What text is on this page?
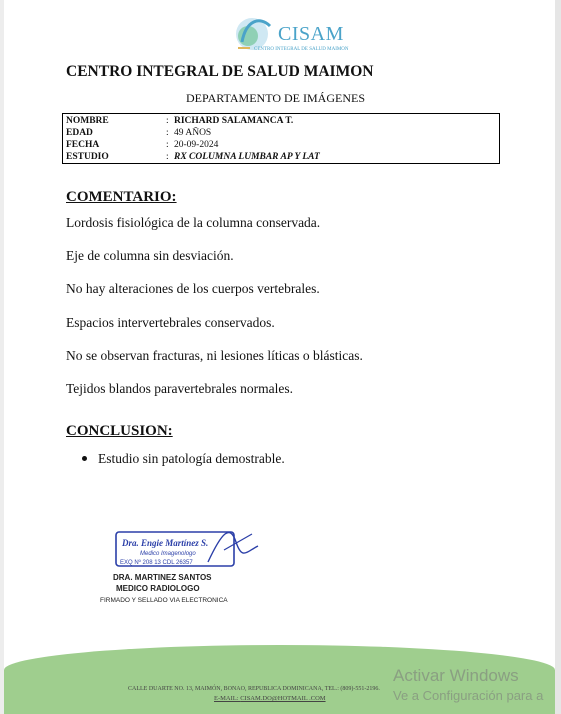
CISAM
CENTRO INTEGRAL DE SALUD MAIMON
CENTRO INTEGRAL DE SALUD MAIMON
DEPARTAMENTO DE IMÁGENES
NOMBRE	: RICHARD SALAMANCA T.
EDAD	: 49 AÑOS
FECHA	: 20-09-2024
ESTUDIO	: RX COLUMNA LUMBAR AP Y LAT
COMENTARIO:
Lordosis fisiológica de la columna conservada.
Eje de columna sin desviación.
No hay alteraciones de los cuerpos vertebrales.
Espacios intervertebrales conservados.
No se observan fracturas, ni lesiones líticas o blásticas.
Tejidos blandos paravertebrales normales.
CONCLUSION:
Estudio sin patología demostrable.
Dra. Engie Martínez S.
Medico Imagenologo
EXQ Nº 208 13 CDL 26357
DRA. MARTINEZ SANTOS
MEDICO RADIOLOGO
FIRMADO Y SELLADO VIA ELECTRONICA
CALLE DUARTE NO. 13, MAIMÓN, BONAO, REPUBLICA DOMINICANA, TEL.: (809)-551-2196.
E-MAIL: CISAM.DO@HOTMAIL .COM
Activar Windows
Ve a Configuración para a
